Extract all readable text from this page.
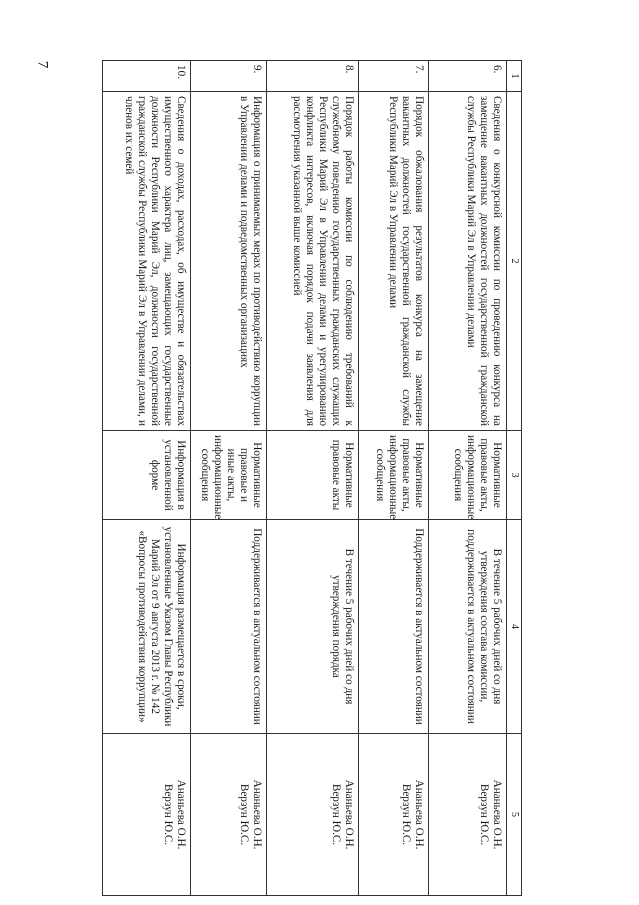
7
1	2	3	4	5
6.	Сведения о конкурсной комиссии по проведению конкурса на замещение вакантных должностей государственной гражданской службы Республики Марий Эл в Управлении делами	Нормативные правовые акты, информационные сообщения	В течение 5 рабочих дней со дня утверждения состава комиссии, поддерживается в актуальном состоянии	Ананьева О.Н.
Верзун Ю.С.

7.	Порядок обжалования результатов конкурса на замещение вакантных должностей государственной гражданской службы Республики Марий Эл в Управлении делами	Нормативные правовые акты, информационные сообщения	Поддерживается в актуальном состоянии	Ананьева О.Н.
Верзун Ю.С.

8.	Порядок работы комиссии по соблюдению требований к служебному поведению государственных гражданских служащих Республики Марий Эл в Управлении делами и урегулированию конфликта интересов, включая порядок подачи заявления для рассмотрения указанной выше комиссией	Нормативные правовые акты	В течение 5 рабочих дней со дня утверждения порядка	Ананьева О.Н.
Верзун Ю.С.

9.	Информация о принимаемых мерах по противодействию коррупции в Управлении делами и подведомственных организациях	Нормативные правовые и иные акты, информационные сообщения	Поддерживается в актуальном состоянии	Ананьева О.Н.
Верзун Ю.С.

10.	Сведения о доходах, расходах, об имуществе и обязательствах имущественного характера лиц, замещающих государственные должности Республики Марий Эл, должности государственной гражданской службы Республики Марий Эл в Управлении делами, и членов их семей	Информация в установленной форме	Информация размещается в сроки, установленные Указом Главы Республики Марий Эл от 9 августа 2013 г. № 142 «Вопросы противодействия коррупции»	Ананьева О.Н.
Верзун Ю.С.
